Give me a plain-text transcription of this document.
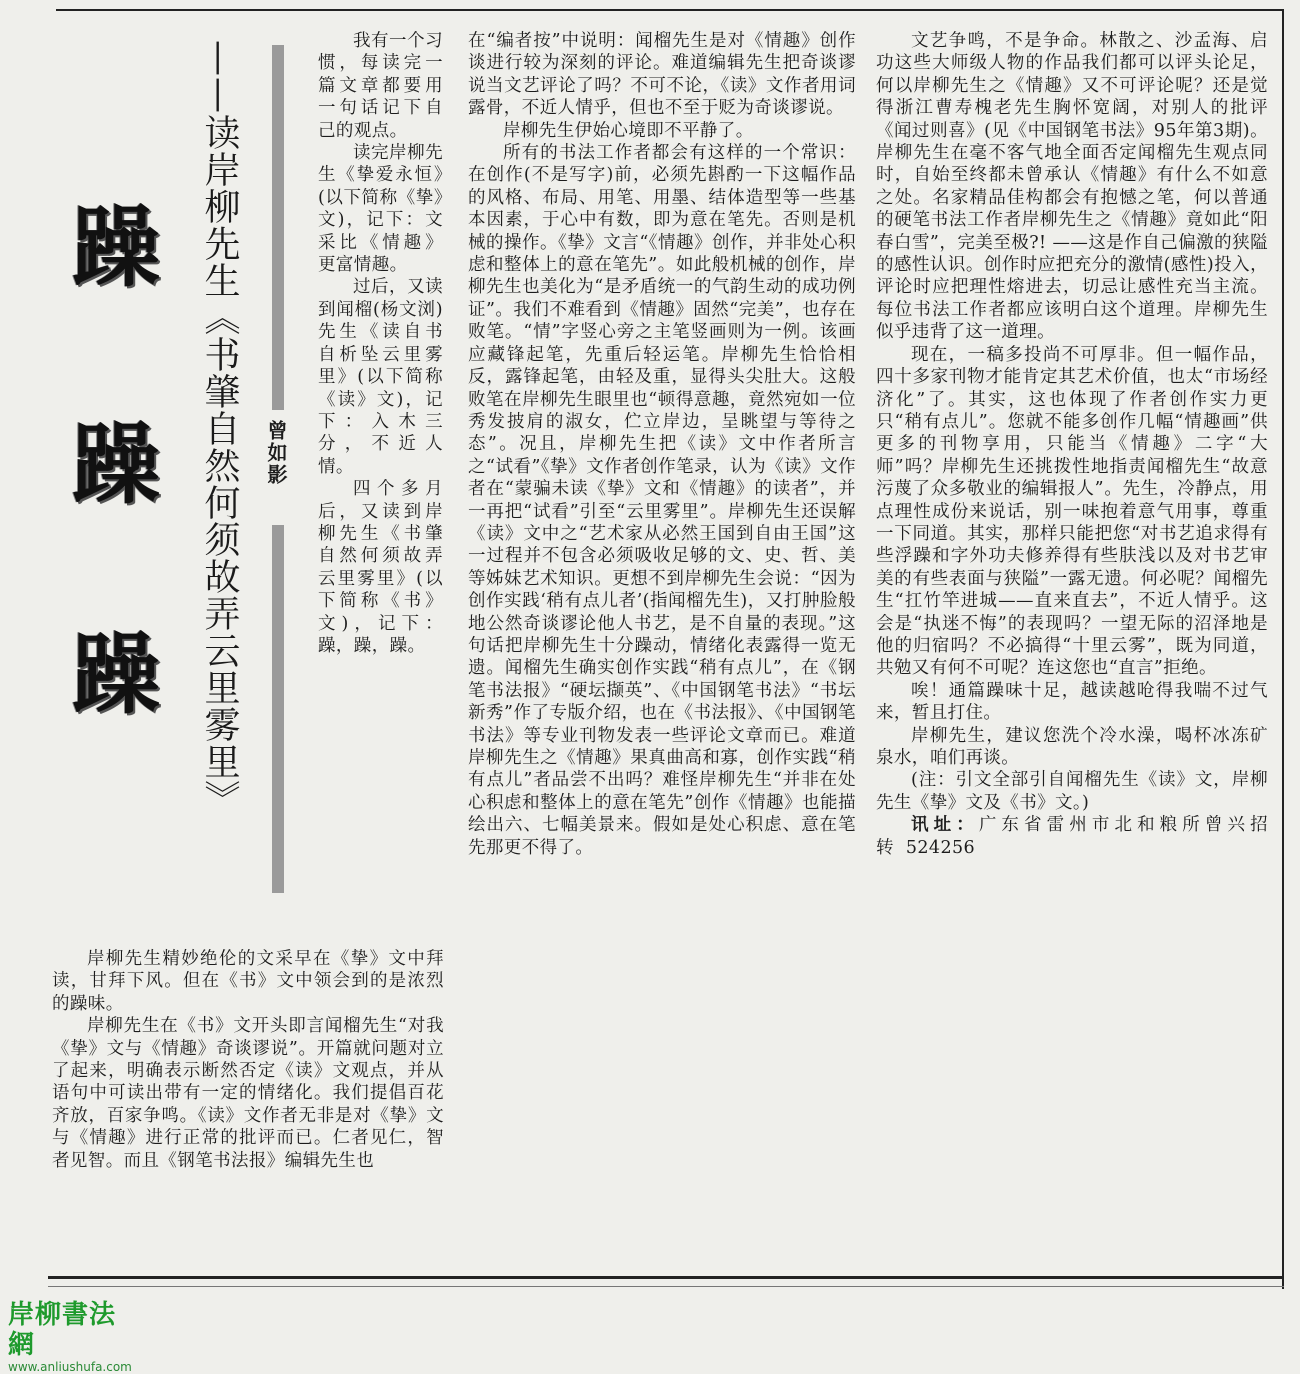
躁
躁
躁 ——读岸柳先生《书肇自然何须故弄云里雾里》 曾如影

我有一个习惯，每读完一篇文章都要用一句话记下自己的观点。

读完岸柳先生《挚爱永恒》(以下简称《挚》文)，记下：文采比《情趣》更富情趣。

过后，又读到闻榴(杨文浏)先生《读自书自析坠云里雾里》(以下简称《读》文)，记下：入木三分，不近人情。

四个多月后，又读到岸柳先生《书肇自然何须故弄云里雾里》(以下简称《书》文)，记下：躁，躁，躁。

岸柳先生精妙绝伦的文采早在《挚》文中拜读，甘拜下风。但在《书》文中领会到的是浓烈的躁味。

岸柳先生在《书》文开头即言闻榴先生“对我《挚》文与《情趣》奇谈谬说”。开篇就问题对立了起来，明确表示断然否定《读》文观点，并从语句中可读出带有一定的情绪化。我们提倡百花齐放，百家争鸣。《读》文作者无非是对《挚》文与《情趣》进行正常的批评而已。仁者见仁，智者见智。而且《钢笔书法报》编辑先生也

在“编者按”中说明：闻榴先生是对《情趣》创作谈进行较为深刻的评论。难道编辑先生把奇谈谬说当文艺评论了吗？不可不论，《读》文作者用词露骨，不近人情乎，但也不至于贬为奇谈谬说。

岸柳先生伊始心境即不平静了。

所有的书法工作者都会有这样的一个常识：在创作(不是写字)前，必须先斟酌一下这幅作品的风格、布局、用笔、用墨、结体造型等一些基本因素，于心中有数，即为意在笔先。否则是机械的操作。《挚》文言“《情趣》创作，并非处心积虑和整体上的意在笔先”。如此般机械的创作，岸柳先生也美化为“是矛盾统一的气韵生动的成功例证”。我们不难看到《情趣》固然“完美”，也存在败笔。“情”字竖心旁之主笔竖画则为一例。该画应藏锋起笔，先重后轻运笔。岸柳先生恰恰相反，露锋起笔，由轻及重，显得头尖肚大。这般败笔在岸柳先生眼里也“顿得意趣，竟然宛如一位秀发披肩的淑女，伫立岸边，呈眺望与等待之态”。况且，岸柳先生把《读》文中作者所言之“试看”《挚》文作者创作笔录，认为《读》文作者在“蒙骗未读《挚》文和《情趣》的读者”，并一再把“试看”引至“云里雾里”。岸柳先生还误解《读》文中之“艺术家从必然王国到自由王国”这一过程并不包含必须吸收足够的文、史、哲、美等姊妹艺术知识。更想不到岸柳先生会说：“因为创作实践‘稍有点儿者’(指闻榴先生)，又打肿脸般地公然奇谈谬论他人书艺，是不自量的表现。”这句话把岸柳先生十分躁动，情绪化表露得一览无遗。闻榴先生确实创作实践“稍有点儿”，在《钢笔书法报》“硬坛撷英”、《中国钢笔书法》“书坛新秀”作了专版介绍，也在《书法报》、《中国钢笔书法》等专业刊物发表一些评论文章而已。难道岸柳先生之《情趣》果真曲高和寡，创作实践“稍有点儿”者品尝不出吗？难怪岸柳先生“并非在处心积虑和整体上的意在笔先”创作《情趣》也能描绘出六、七幅美景来。假如是处心积虑、意在笔先那更不得了。

文艺争鸣，不是争命。林散之、沙孟海、启功这些大师级人物的作品我们都可以评头论足，何以岸柳先生之《情趣》又不可评论呢？还是觉得浙江曹寿槐老先生胸怀宽阔，对别人的批评《闻过则喜》(见《中国钢笔书法》95年第3期)。岸柳先生在毫不客气地全面否定闻榴先生观点同时，自始至终都未曾承认《情趣》有什么不如意之处。名家精品佳构都会有抱憾之笔，何以普通的硬笔书法工作者岸柳先生之《情趣》竟如此“阳春白雪”，完美至极?! ——这是作自己偏激的狭隘的感性认识。创作时应把充分的激情(感性)投入，评论时应把理性熔进去，切忌让感性充当主流。每位书法工作者都应该明白这个道理。岸柳先生似乎违背了这一道理。

现在，一稿多投尚不可厚非。但一幅作品，四十多家刊物才能肯定其艺术价值，也太“市场经济化”了。其实，这也体现了作者创作实力更只“稍有点儿”。您就不能多创作几幅“情趣画”供更多的刊物享用，只能当《情趣》二字“大师”吗？岸柳先生还挑拨性地指责闻榴先生“故意污蔑了众多敬业的编辑报人”。先生，冷静点，用点理性成份来说话，别一味抱着意气用事，尊重一下同道。其实，那样只能把您“对书艺追求得有些浮躁和字外功夫修养得有些肤浅以及对书艺审美的有些表面与狭隘”一露无遗。何必呢？闻榴先生“扛竹竿进城——直来直去”，不近人情乎。这会是“执迷不悔”的表现吗？一望无际的沼泽地是他的归宿吗？不必搞得“十里云雾”，既为同道，共勉又有何不可呢？连这您也“直言”拒绝。

唉！通篇躁味十足，越读越呛得我喘不过气来，暂且打住。

岸柳先生，建议您洗个冷水澡，喝杯冰冻矿泉水，咱们再谈。

(注：引文全部引自闻榴先生《读》文，岸柳先生《挚》文及《书》文。)

讯址：广东省雷州市北和粮所曾兴招转 524256

岸柳書法網
www.anliushufa.com
